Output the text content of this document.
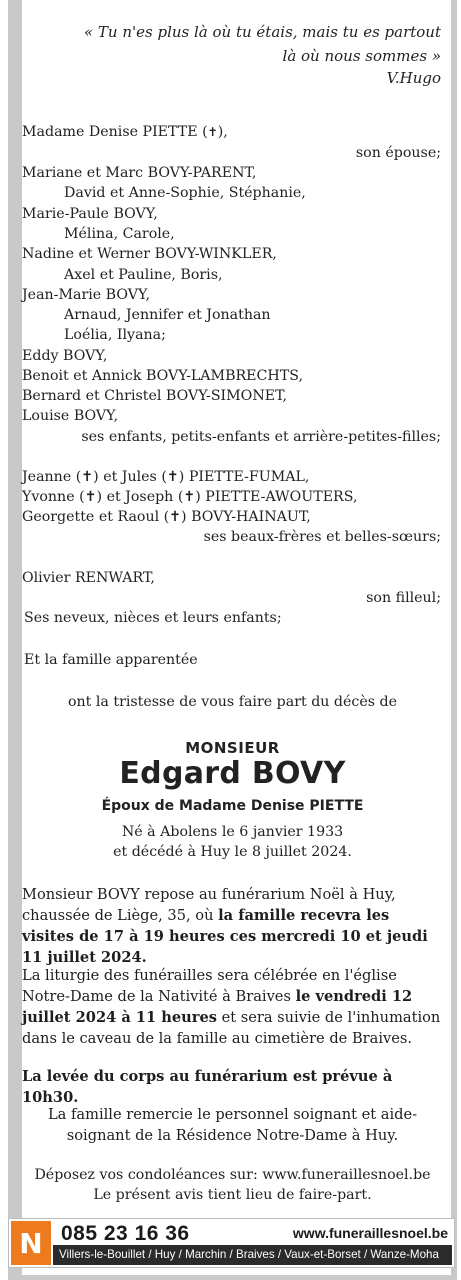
« Tu n'es plus là où tu étais, mais tu es partout
là où nous sommes »
V.Hugo
Madame Denise PIETTE (✝),
son épouse;
Mariane et Marc BOVY-PARENT,
David et Anne-Sophie, Stéphanie,
Marie-Paule BOVY,
Mélina, Carole,
Nadine et Werner BOVY-WINKLER,
Axel et Pauline, Boris,
Jean-Marie BOVY,
Arnaud, Jennifer et Jonathan
Loélia, Ilyana;
Eddy BOVY,
Benoit et Annick BOVY-LAMBRECHTS,
Bernard et Christel BOVY-SIMONET,
Louise BOVY,
ses enfants, petits-enfants et arrière-petites-filles;
Jeanne (✝) et Jules (✝) PIETTE-FUMAL,
Yvonne (✝) et Joseph (✝) PIETTE-AWOUTERS,
Georgette et Raoul (✝) BOVY-HAINAUT,
ses beaux-frères et belles-sœurs;
Olivier RENWART,
son filleul;
Ses neveux, nièces et leurs enfants;
Et la famille apparentée
ont la tristesse de vous faire part du décès de
MONSIEUR
Edgard BOVY
Époux de Madame Denise PIETTE
Né à Abolens le 6 janvier 1933
et décédé à Huy le 8 juillet 2024.
Monsieur BOVY repose au funérarium Noël à Huy, chaussée de Liège, 35, où la famille recevra les visites de 17 à 19 heures ces mercredi 10 et jeudi 11 juillet 2024.
La liturgie des funérailles sera célébrée en l'église Notre-Dame de la Nativité à Braives le vendredi 12 juillet 2024 à 11 heures et sera suivie de l'inhumation dans le caveau de la famille au cimetière de Braives.
La levée du corps au funérarium est prévue à 10h30.
La famille remercie le personnel soignant et aide-soignant de la Résidence Notre-Dame à Huy.
Déposez vos condoléances sur: www.funeraillesnoel.be
Le présent avis tient lieu de faire-part.
N 085 23 16 36	www.funeraillesnoel.be
Villers-le-Bouillet / Huy / Marchin / Braives / Vaux-et-Borset / Wanze-Moha
